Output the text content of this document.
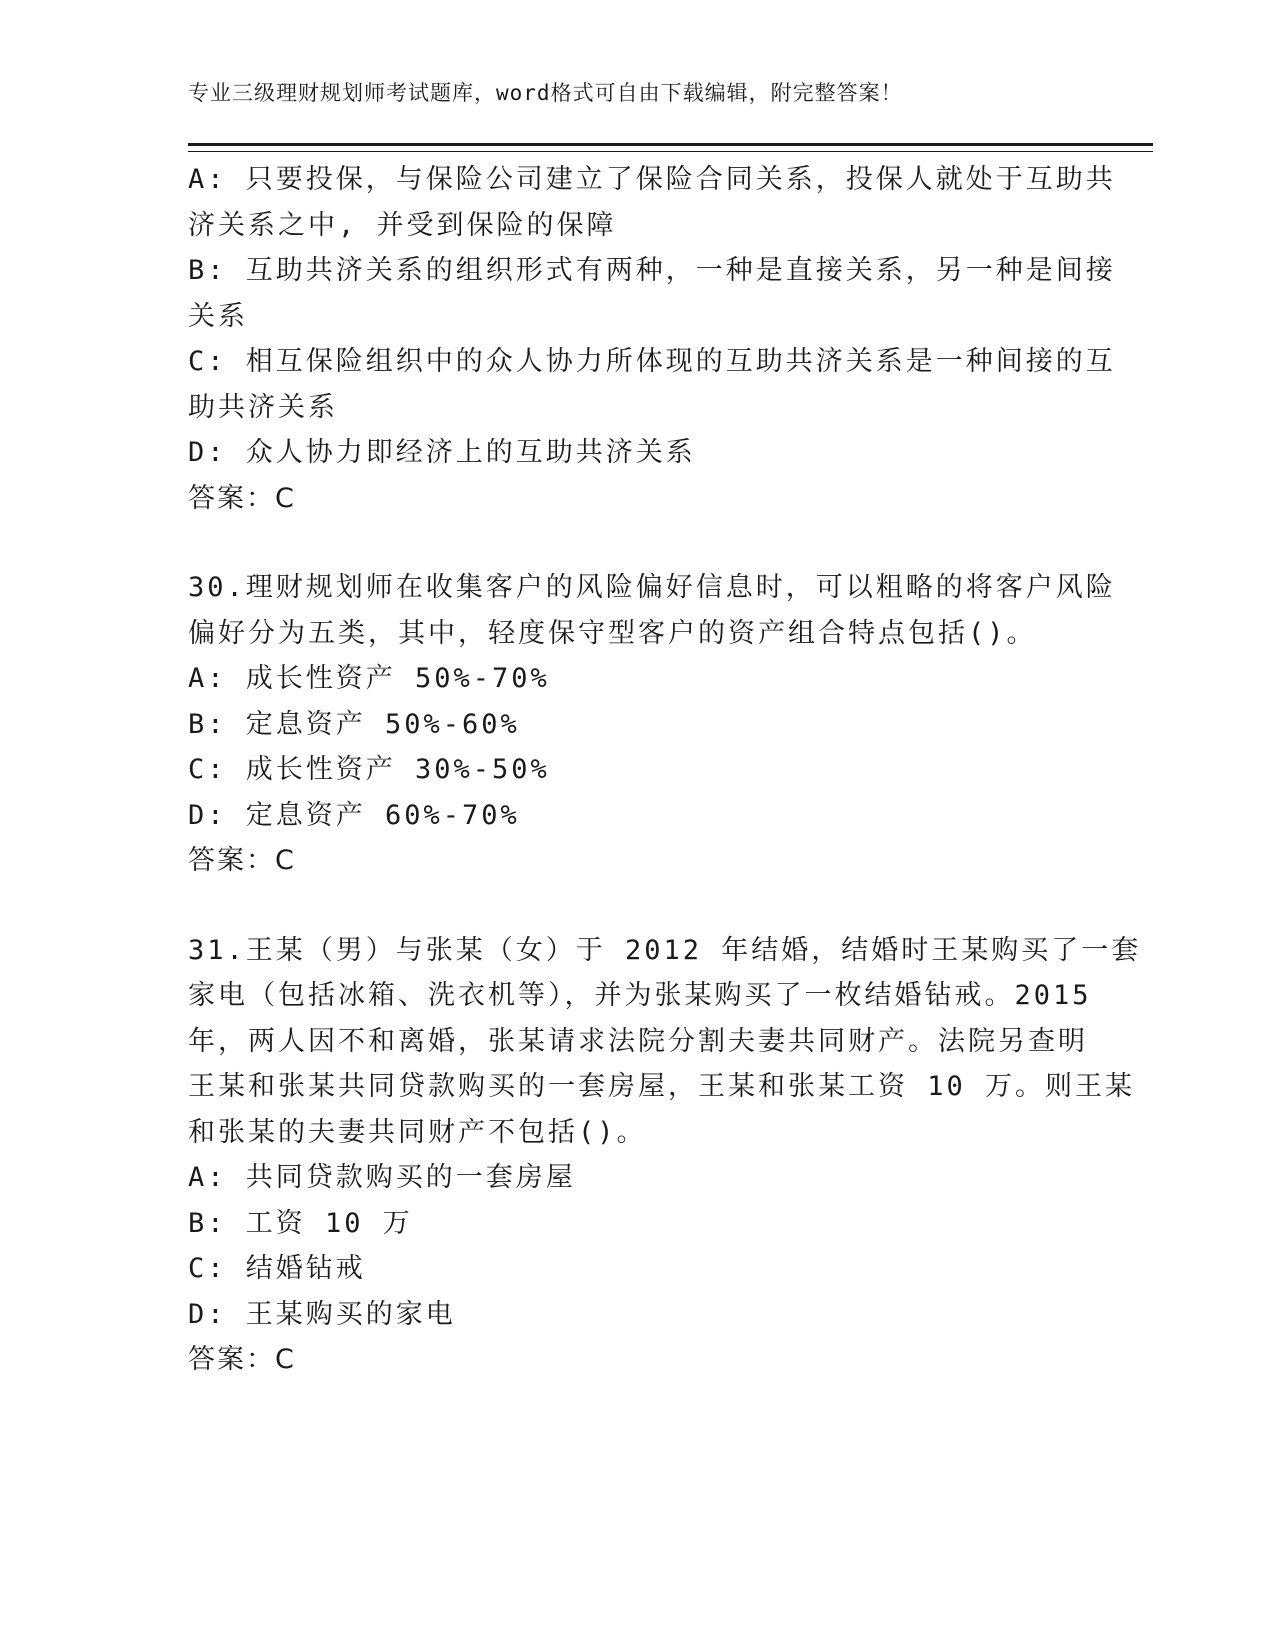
专业三级理财规划师考试题库，word格式可自由下载编辑，附完整答案！
A: 只要投保，与保险公司建立了保险合同关系，投保人就处于互助共
济关系之中, 并受到保险的保障
B: 互助共济关系的组织形式有两种，一种是直接关系，另一种是间接
关系
C: 相互保险组织中的众人协力所体现的互助共济关系是一种间接的互
助共济关系
D: 众人协力即经济上的互助共济关系
答案：C
30.理财规划师在收集客户的风险偏好信息时，可以粗略的将客户风险
偏好分为五类，其中，轻度保守型客户的资产组合特点包括()。
A: 成长性资产 50%-70%
B: 定息资产 50%-60%
C: 成长性资产 30%-50%
D: 定息资产 60%-70%
答案：C
31.王某（男）与张某（女）于 2012 年结婚，结婚时王某购买了一套
家电（包括冰箱、洗衣机等），并为张某购买了一枚结婚钻戒。2015
年，两人因不和离婚，张某请求法院分割夫妻共同财产。法院另查明
王某和张某共同贷款购买的一套房屋，王某和张某工资 10 万。则王某
和张某的夫妻共同财产不包括()。
A: 共同贷款购买的一套房屋
B: 工资 10 万
C: 结婚钻戒
D: 王某购买的家电
答案：C
